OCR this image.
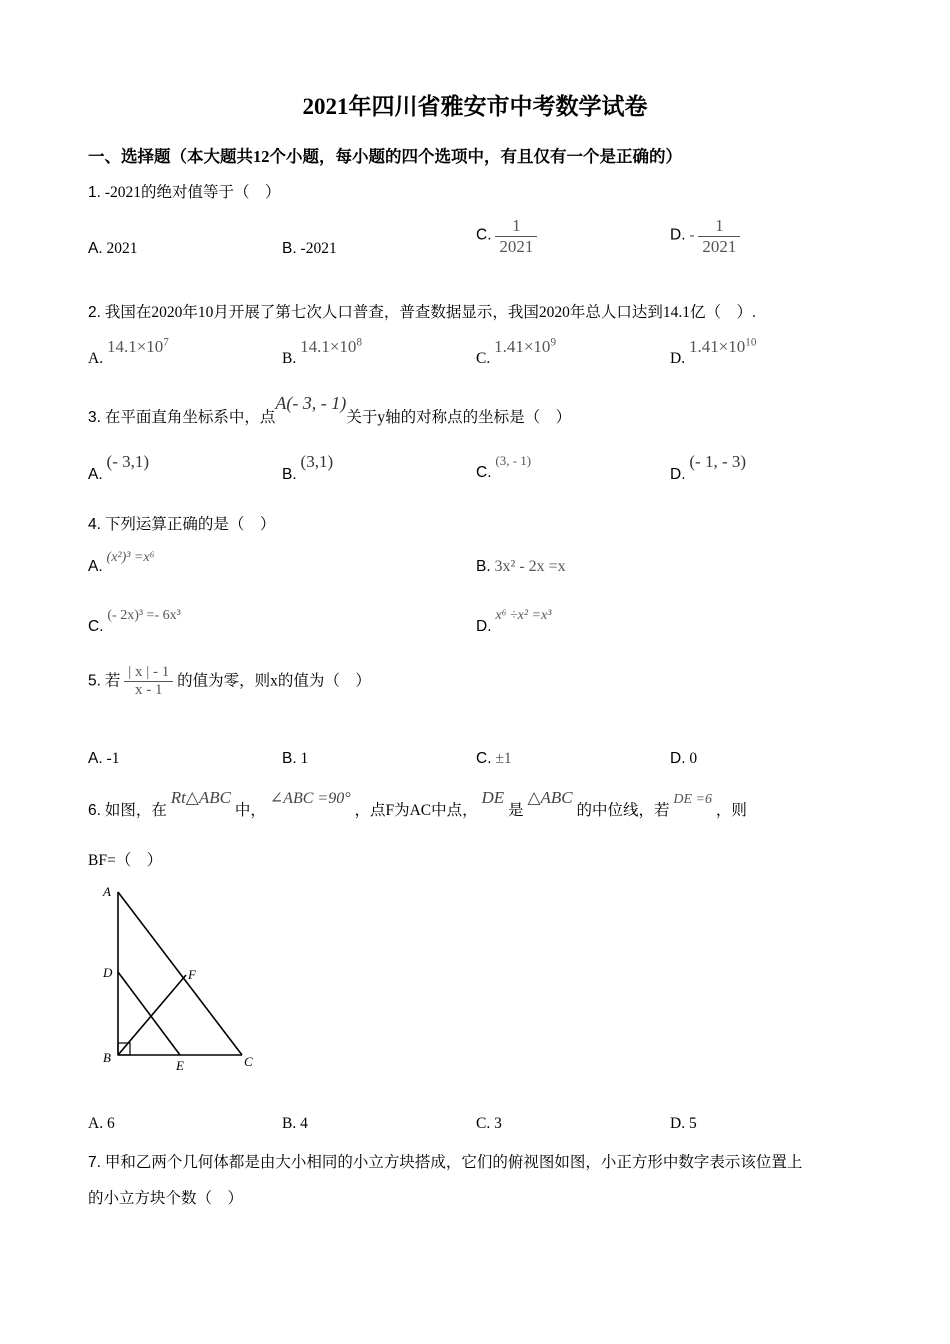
2021年四川省雅安市中考数学试卷
一、选择题（本大题共12个小题，每小题的四个选项中，有且仅有一个是正确的）
1. -2021的绝对值等于（　）
A. 2021	B. -2021
C. $\frac{1}{2021}$	D. - $\frac{1}{2021}$
2. 我国在2020年10月开展了第七次人口普查，普查数据显示，我国2020年总人口达到14.1亿（　）.
A. $14.1\times 10^7$
B. $14.1\times 10^8$
C. $1.41\times 10^9$
D. $1.41\times 10^{10}$
3. 在平面直角坐标系中，点A(- 3, - 1)关于y轴的对称点的坐标是（　）
A. (- 3,1)
B. (3,1)
C. (3, - 1)
D. (- 1, - 3)
4. 下列运算正确的是（　）
A. (x²)³ =x⁶
B. 3x² - 2x =x
C. (- 2x)³ =- 6x³
D. x⁶ ÷x² =x³
5. 若 $\frac{| x | - 1}{x - 1}$ 的值为零，则x的值为（　）
A. -1	B. 1	C. ±1	D. 0
6. 如图，在 Rt△ABC 中， ∠ABC =90° ，点F为AC中点， DE 是 △ABC 的中位线，若 DE =6 ，则
BF=（　）
A
D
B
E	C
F
A. 6	B. 4	C. 3	D. 5
7. 甲和乙两个几何体都是由大小相同的小立方块搭成，它们的俯视图如图，小正方形中数字表示该位置上
的小立方块个数（　）
